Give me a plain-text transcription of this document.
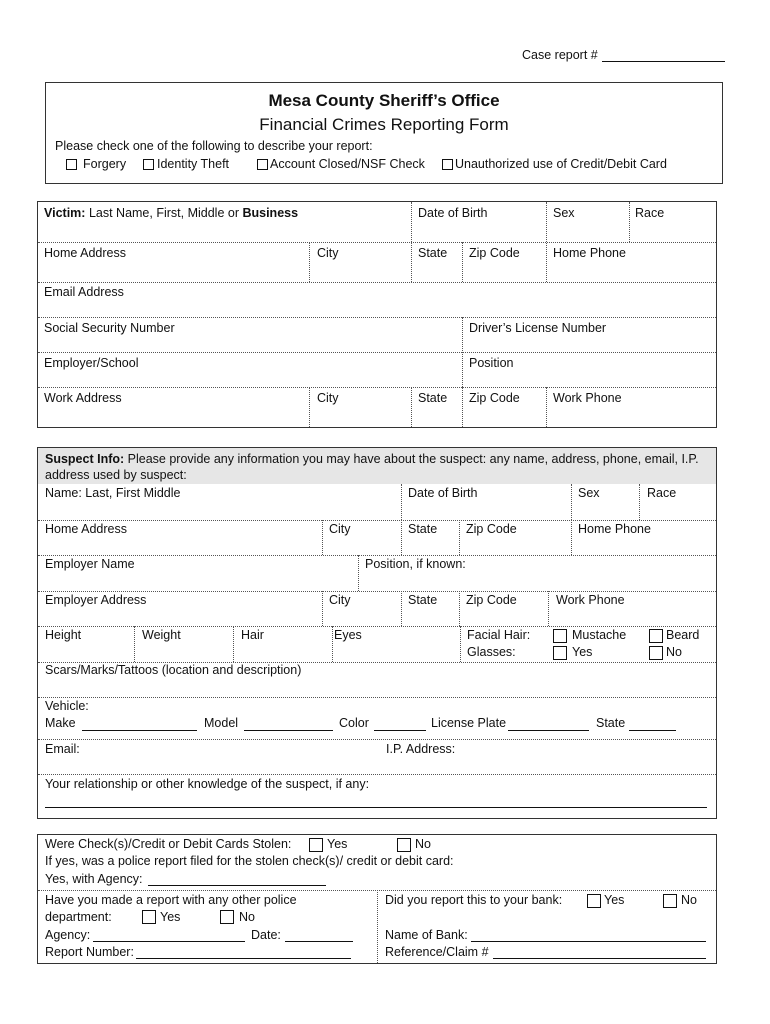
Case report #
Mesa County Sheriff’s Office
Financial Crimes Reporting Form
Please check one of the following to describe your report:
Forgery Identity Theft	Account Closed/NSF Check Unauthorized use of Credit/Debit Card
Victim: Last Name, First, Middle or Business	Date of Birth	Sex	Race
Home Address	City	State Zip Code	Home Phone
Email Address
Social Security Number	Driver’s License Number
Employer/School	Position
Work Address	City	State Zip Code	Work Phone
Suspect Info: Please provide any information you may have about the suspect: any name, address, phone, email, I.P.
address used by suspect:
Name: Last, First Middle	Date of Birth	Sex	Race
Home Address	City	State Zip Code	Home Phone
Employer Name	Position, if known:
Employer Address	City	State Zip Code	Work Phone
Height	Weight	Hair	Eyes	Facial Hair:	Mustache	Beard
Glasses:	Yes	No
Scars/Marks/Tattoos (location and description)
Vehicle:
Make	Model	Color	License Plate	State
Email:	I.P. Address:
Your relationship or other knowledge of the suspect, if any:
Were Check(s)/Credit or Debit Cards Stolen:	Yes	No
If yes, was a police report filed for the stolen check(s)/ credit or debit card:
Yes, with Agency:
Have you made a report with any other police
department:	Yes	No
Agency:	Date:
Report Number:
Did you report this to your bank:	Yes	No
Name of Bank:
Reference/Claim #
